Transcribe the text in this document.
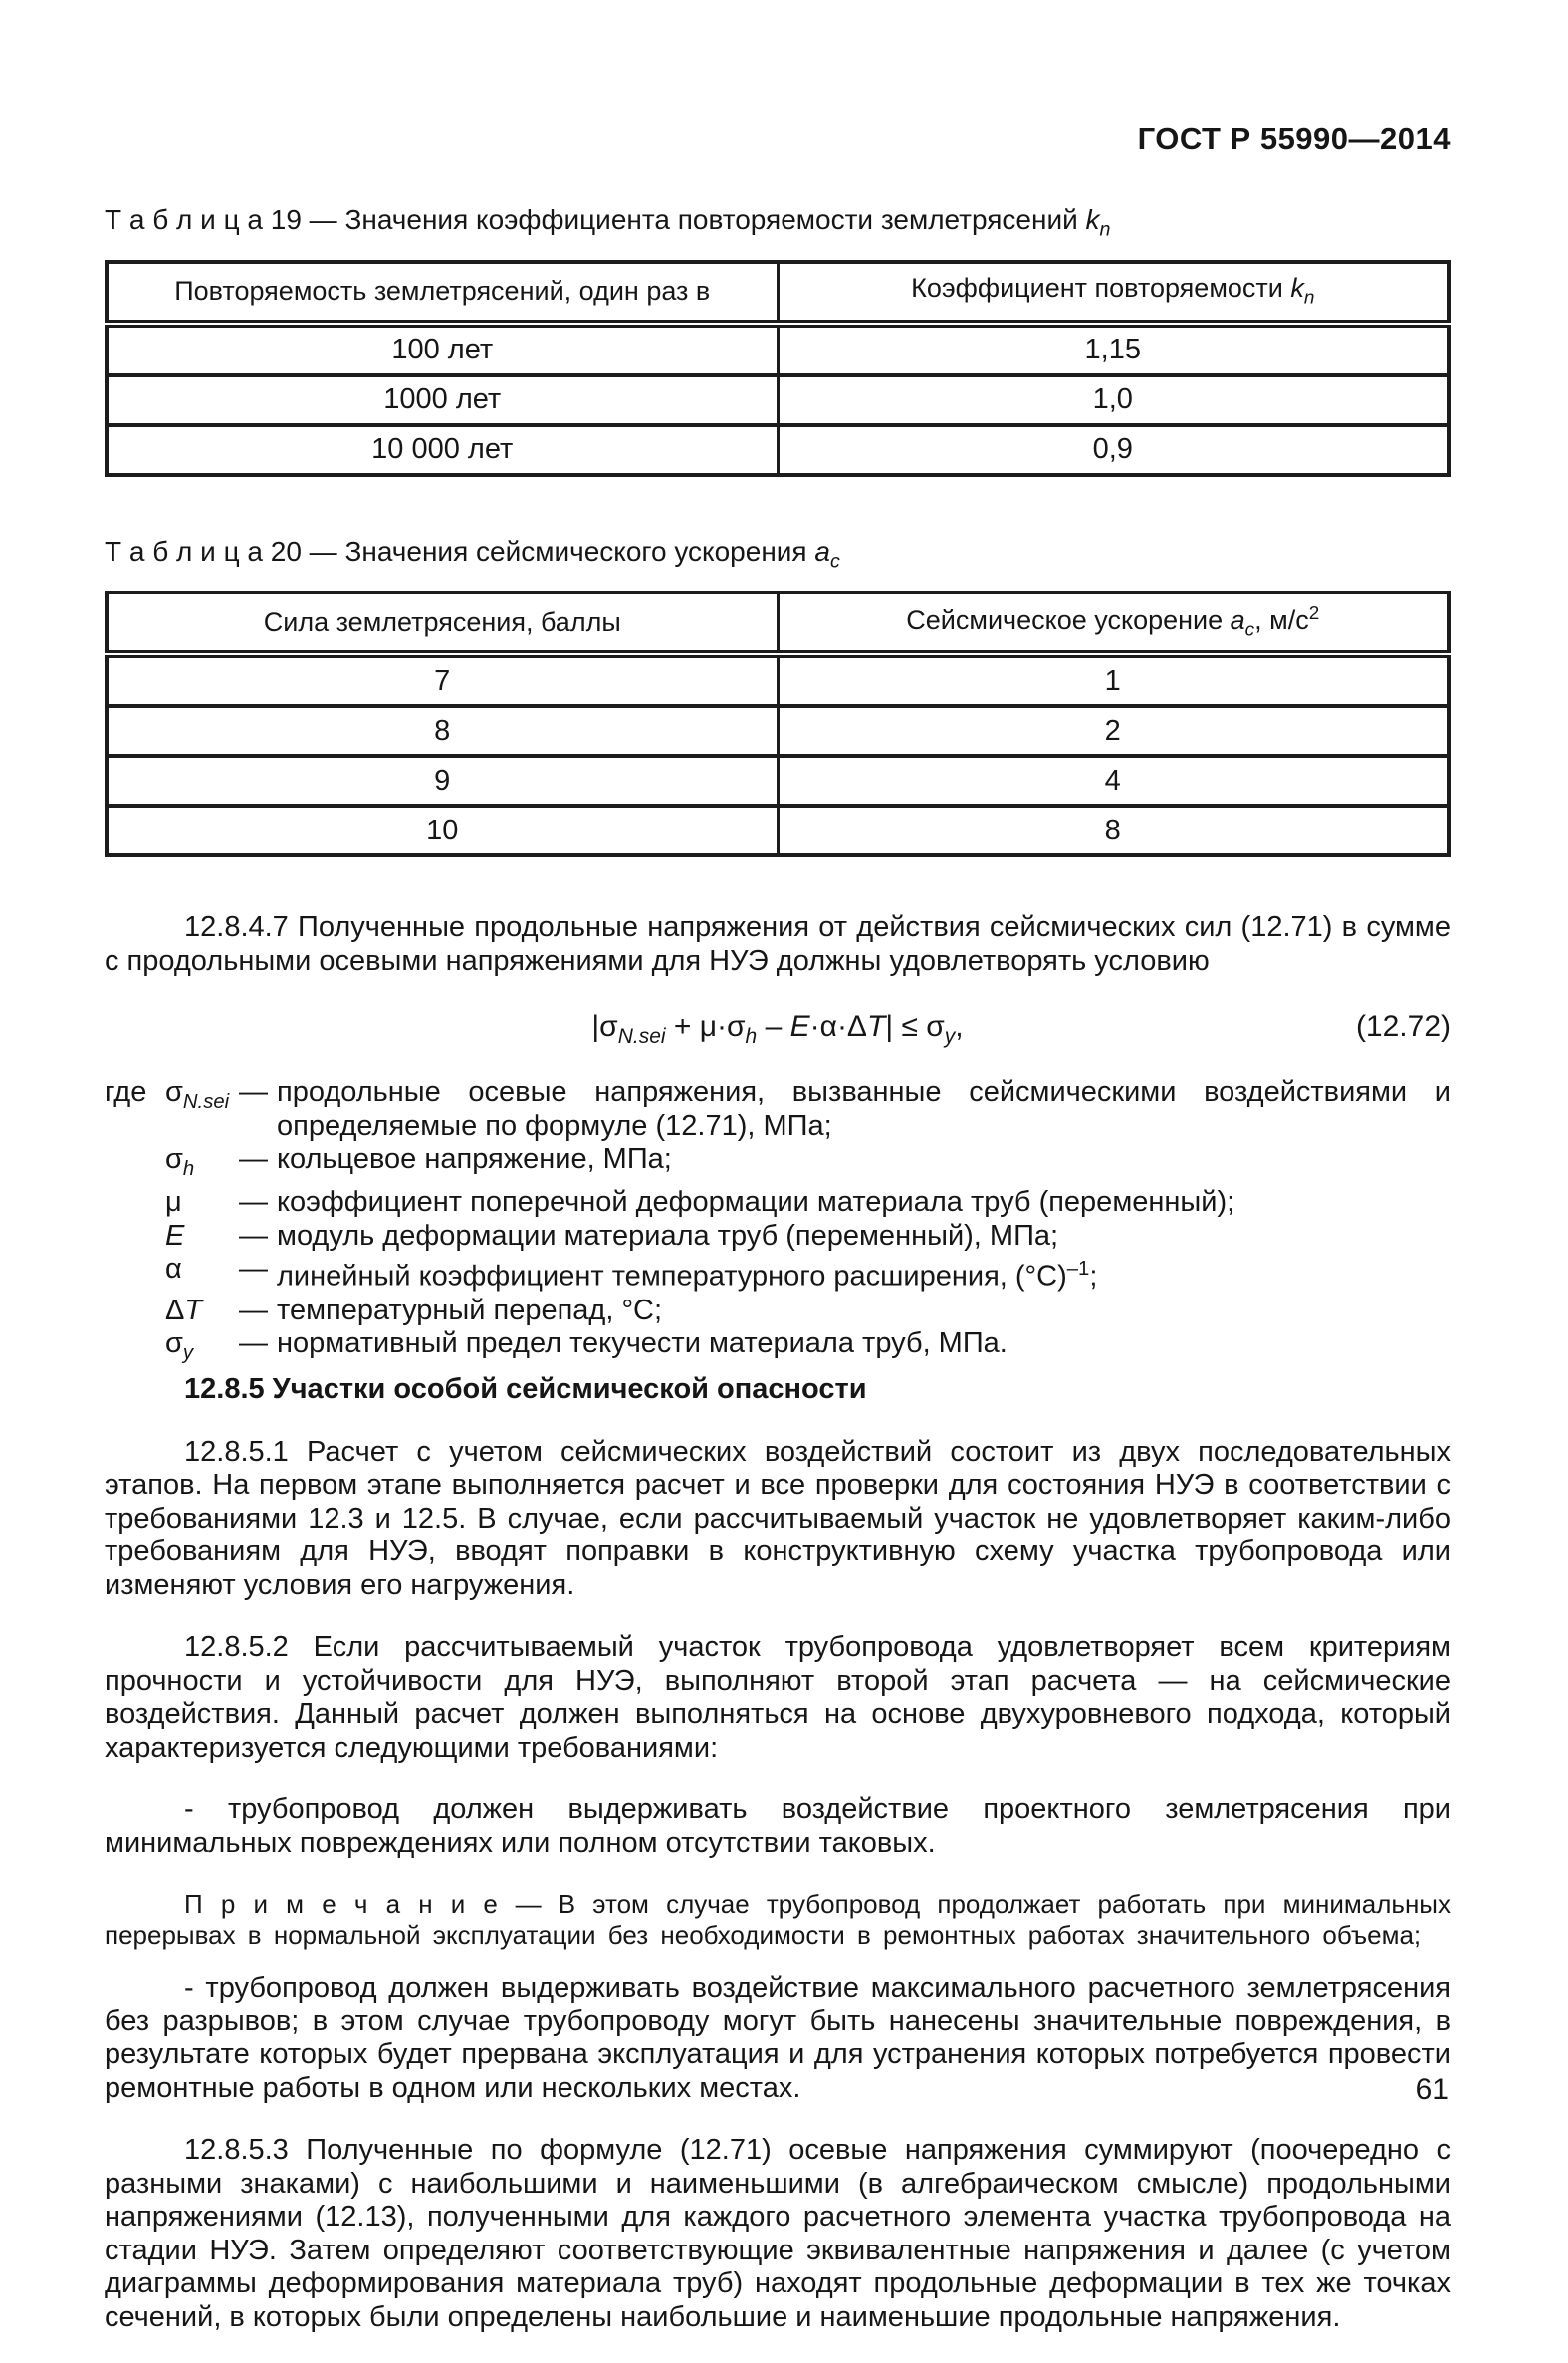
ГОСТ Р 55990—2014
Т а б л и ц а 19 — Значения коэффициента повторяемости землетрясений $k_n$
Повторяемость землетрясений, один раз в	Коэффициент повторяемости $k_n$
100 лет	1,15
1000 лет	1,0
10 000 лет	0,9
Т а б л и ц а 20 — Значения сейсмического ускорения $a_c$
Сила землетрясения, баллы	Сейсмическое ускорение $a_c$, $м/с^2$
7	1
8	2
9	4
10	8

12.8.4.7 Полученные продольные напряжения от действия сейсмических сил (12.71) в сумме с продольными осевыми напряжениями для НУЭ должны удовлетворять условию

$|\sigma_{N.sei} + \mu\cdot\sigma_h - E\cdot\alpha\cdot\Delta T| \le \sigma_y$,	(12.72)
где $\sigma_{N.sei}$ — продольные осевые напряжения, вызванные сейсмическими воздействиями и определяемые по формуле (12.71), МПа;
$\sigma_h$	— кольцевое напряжение, МПа;
μ	— коэффициент поперечной деформации материала труб (переменный);
E	— модуль деформации материала труб (переменный), МПа;
α	— линейный коэффициент температурного расширения, $(^\circ С)^{-1}$;
ΔT	— температурный перепад, °С;
$\sigma_y$	— нормативный предел текучести материала труб, МПа.
12.8.5 Участки особой сейсмической опасности

12.8.5.1 Расчет с учетом сейсмических воздействий состоит из двух последовательных этапов. На первом этапе выполняется расчет и все проверки для состояния НУЭ в соответствии с требованиями 12.3 и 12.5. В случае, если рассчитываемый участок не удовлетворяет каким-либо требованиям для НУЭ, вводят поправки в конструктивную схему участка трубопровода или изменяют условия его нагружения.

12.8.5.2 Если рассчитываемый участок трубопровода удовлетворяет всем критериям прочности и устойчивости для НУЭ, выполняют второй этап расчета — на сейсмические воздействия. Данный расчет должен выполняться на основе двухуровневого подхода, который характеризуется следующими требованиями:

- трубопровод должен выдерживать воздействие проектного землетрясения при минимальных повреждениях или полном отсутствии таковых.

П р и м е ч а н и е — В этом случае трубопровод продолжает работать при минимальных перерывах в нормальной эксплуатации без необходимости в ремонтных работах значительного объема;

- трубопровод должен выдерживать воздействие максимального расчетного землетрясения без разрывов; в этом случае трубопроводу могут быть нанесены значительные повреждения, в результате которых будет прервана эксплуатация и для устранения которых потребуется провести ремонтные работы в одном или нескольких местах.

12.8.5.3 Полученные по формуле (12.71) осевые напряжения суммируют (поочередно с разными знаками) с наибольшими и наименьшими (в алгебраическом смысле) продольными напряжениями (12.13), полученными для каждого расчетного элемента участка трубопровода на стадии НУЭ. Затем определяют соответствующие эквивалентные напряжения и далее (с учетом диаграммы деформирования материала труб) находят продольные деформации в тех же точках сечений, в которых были определены наибольшие и наименьшие продольные напряжения.

61
